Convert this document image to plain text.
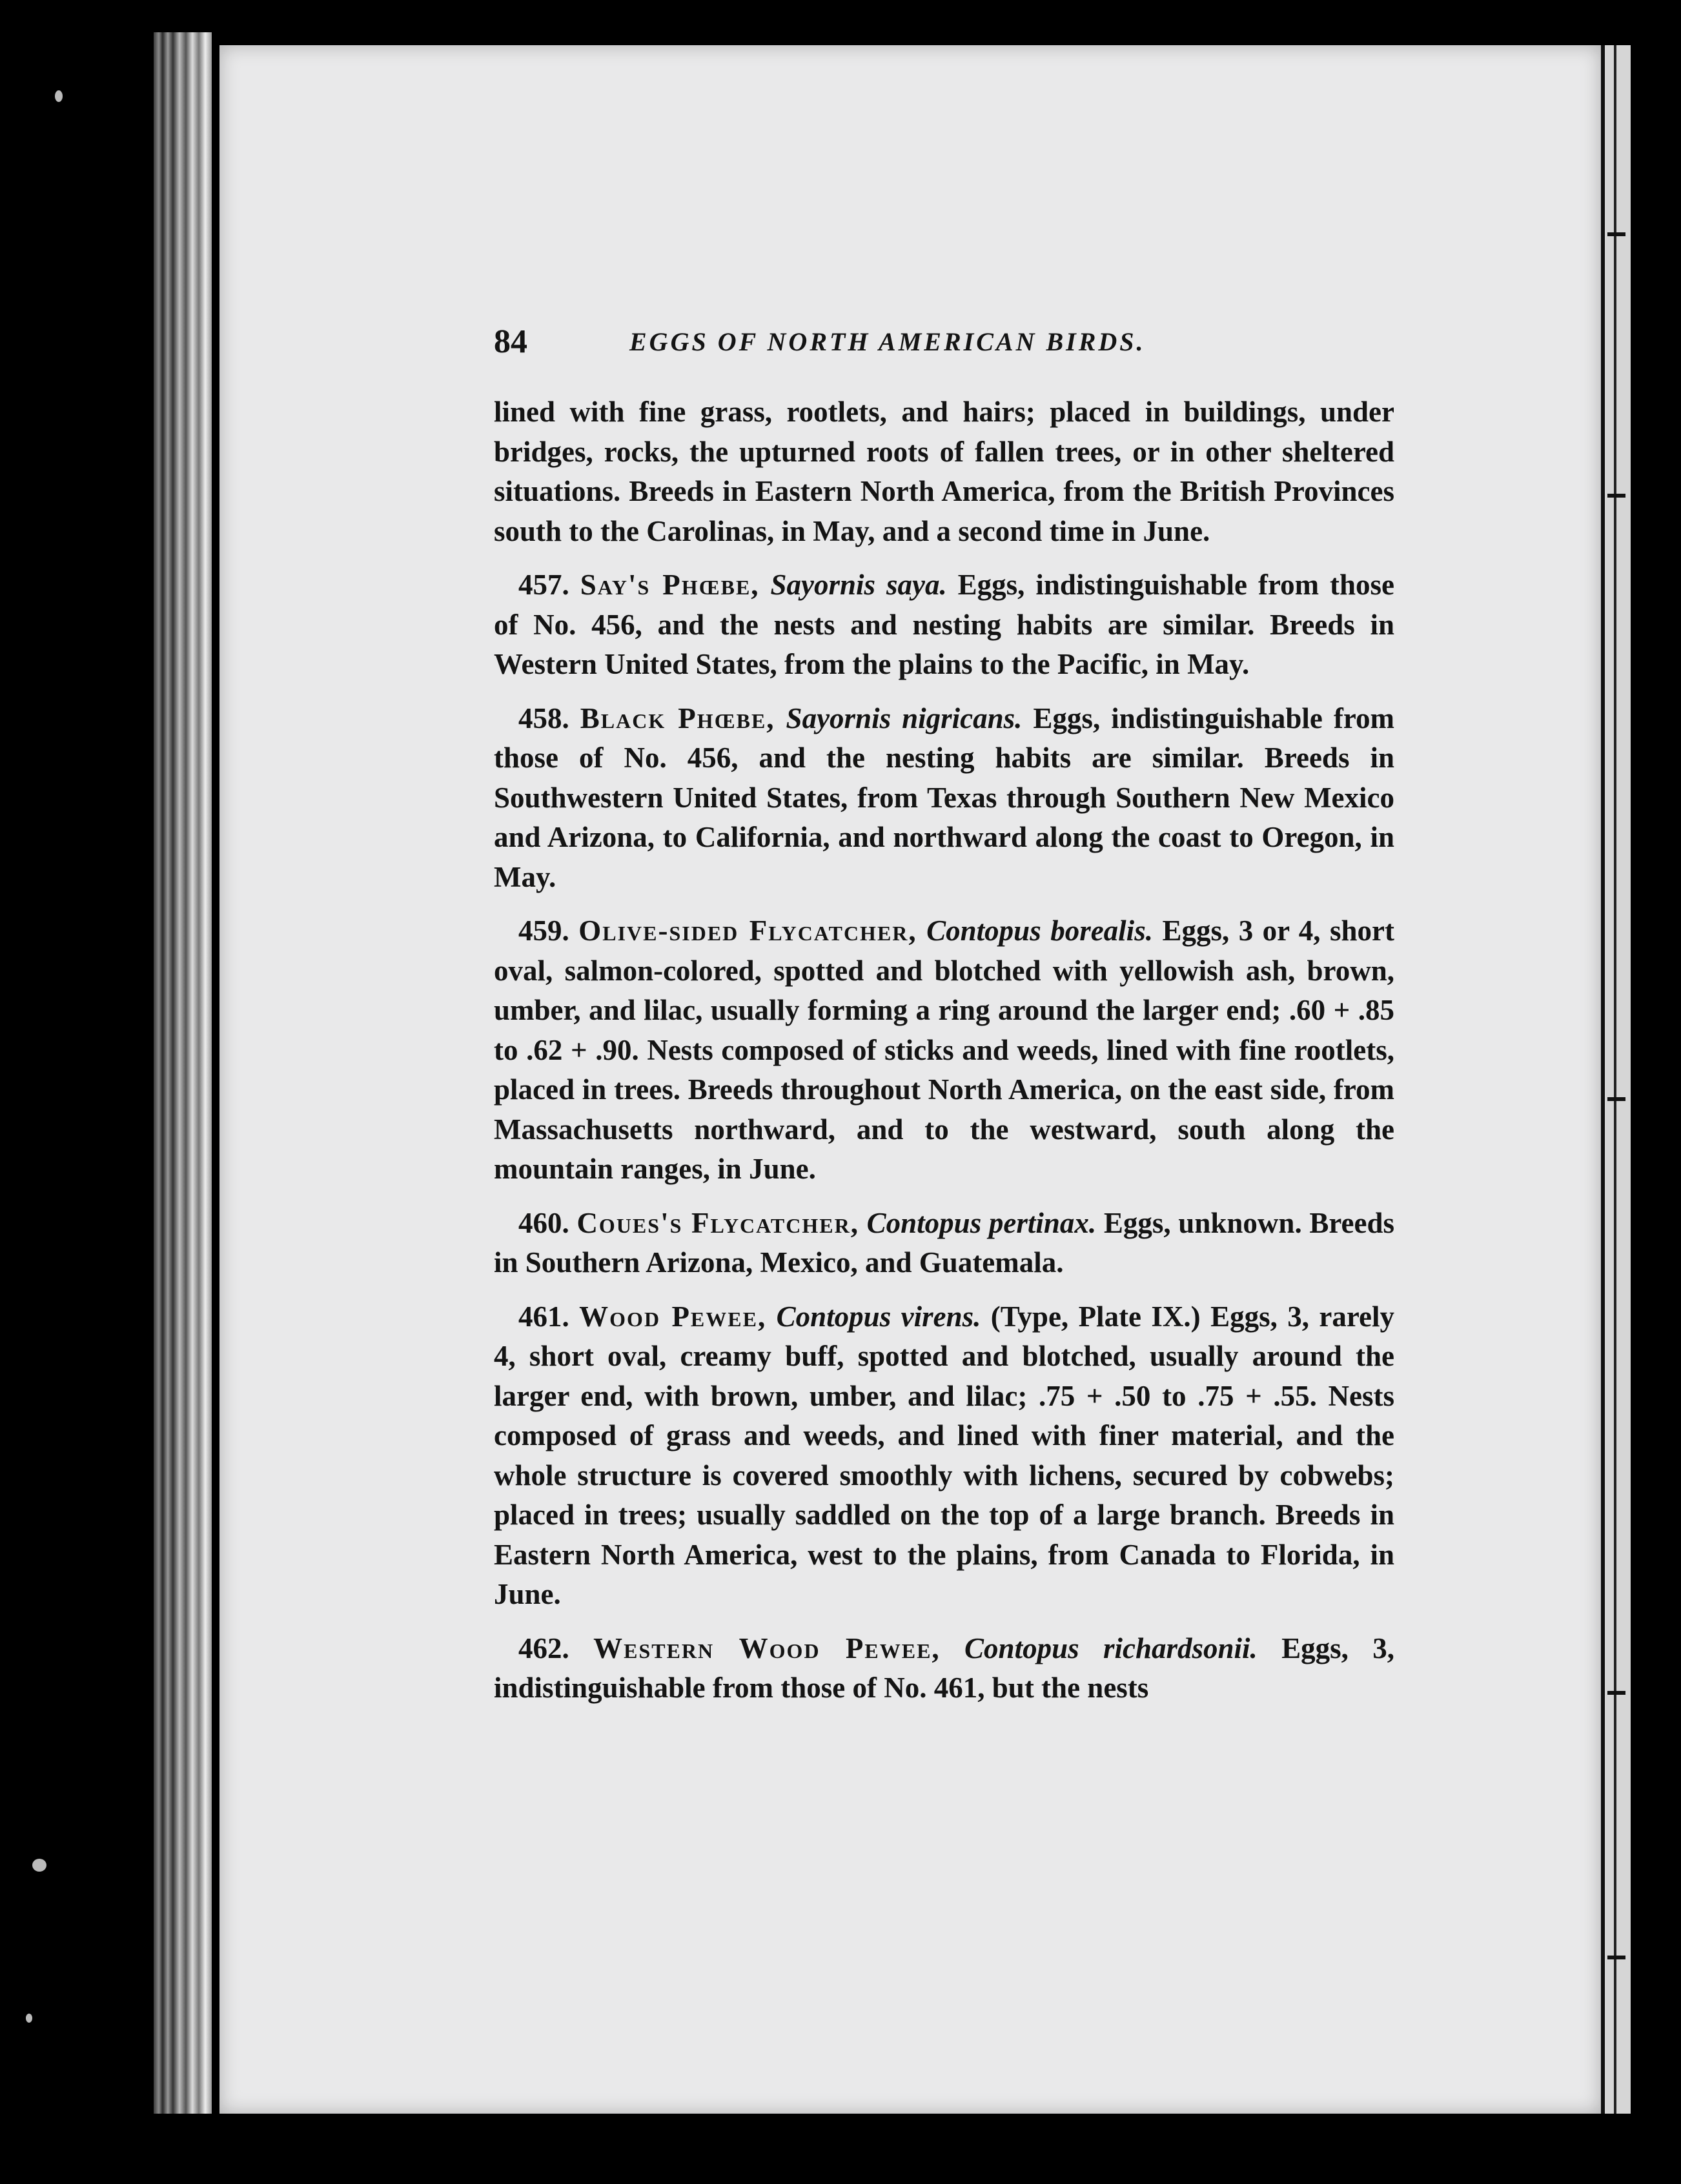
84	EGGS OF NORTH AMERICAN BIRDS.

lined with fine grass, rootlets, and hairs; placed in buildings, under bridges, rocks, the upturned roots of fallen trees, or in other sheltered situations. Breeds in Eastern North America, from the British Provinces south to the Carolinas, in May, and a second time in June.

457. Say's Phœbe, Sayornis saya. Eggs, indistinguishable from those of No. 456, and the nests and nesting habits are similar. Breeds in Western United States, from the plains to the Pacific, in May.

458. Black Phœbe, Sayornis nigricans. Eggs, indistinguishable from those of No. 456, and the nesting habits are similar. Breeds in Southwestern United States, from Texas through Southern New Mexico and Arizona, to California, and northward along the coast to Oregon, in May.

459. Olive-sided Flycatcher, Contopus borealis. Eggs, 3 or 4, short oval, salmon-colored, spotted and blotched with yellowish ash, brown, umber, and lilac, usually forming a ring around the larger end; .60 + .85 to .62 + .90. Nests composed of sticks and weeds, lined with fine rootlets, placed in trees. Breeds throughout North America, on the east side, from Massachusetts northward, and to the westward, south along the mountain ranges, in June.

460. Coues's Flycatcher, Contopus pertinax. Eggs, unknown. Breeds in Southern Arizona, Mexico, and Guatemala.

461. Wood Pewee, Contopus virens. (Type, Plate IX.) Eggs, 3, rarely 4, short oval, creamy buff, spotted and blotched, usually around the larger end, with brown, umber, and lilac; .75 + .50 to .75 + .55. Nests composed of grass and weeds, and lined with finer material, and the whole structure is covered smoothly with lichens, secured by cobwebs; placed in trees; usually saddled on the top of a large branch. Breeds in Eastern North America, west to the plains, from Canada to Florida, in June.

462. Western Wood Pewee, Contopus richardsonii. Eggs, 3, indistinguishable from those of No. 461, but the nests
